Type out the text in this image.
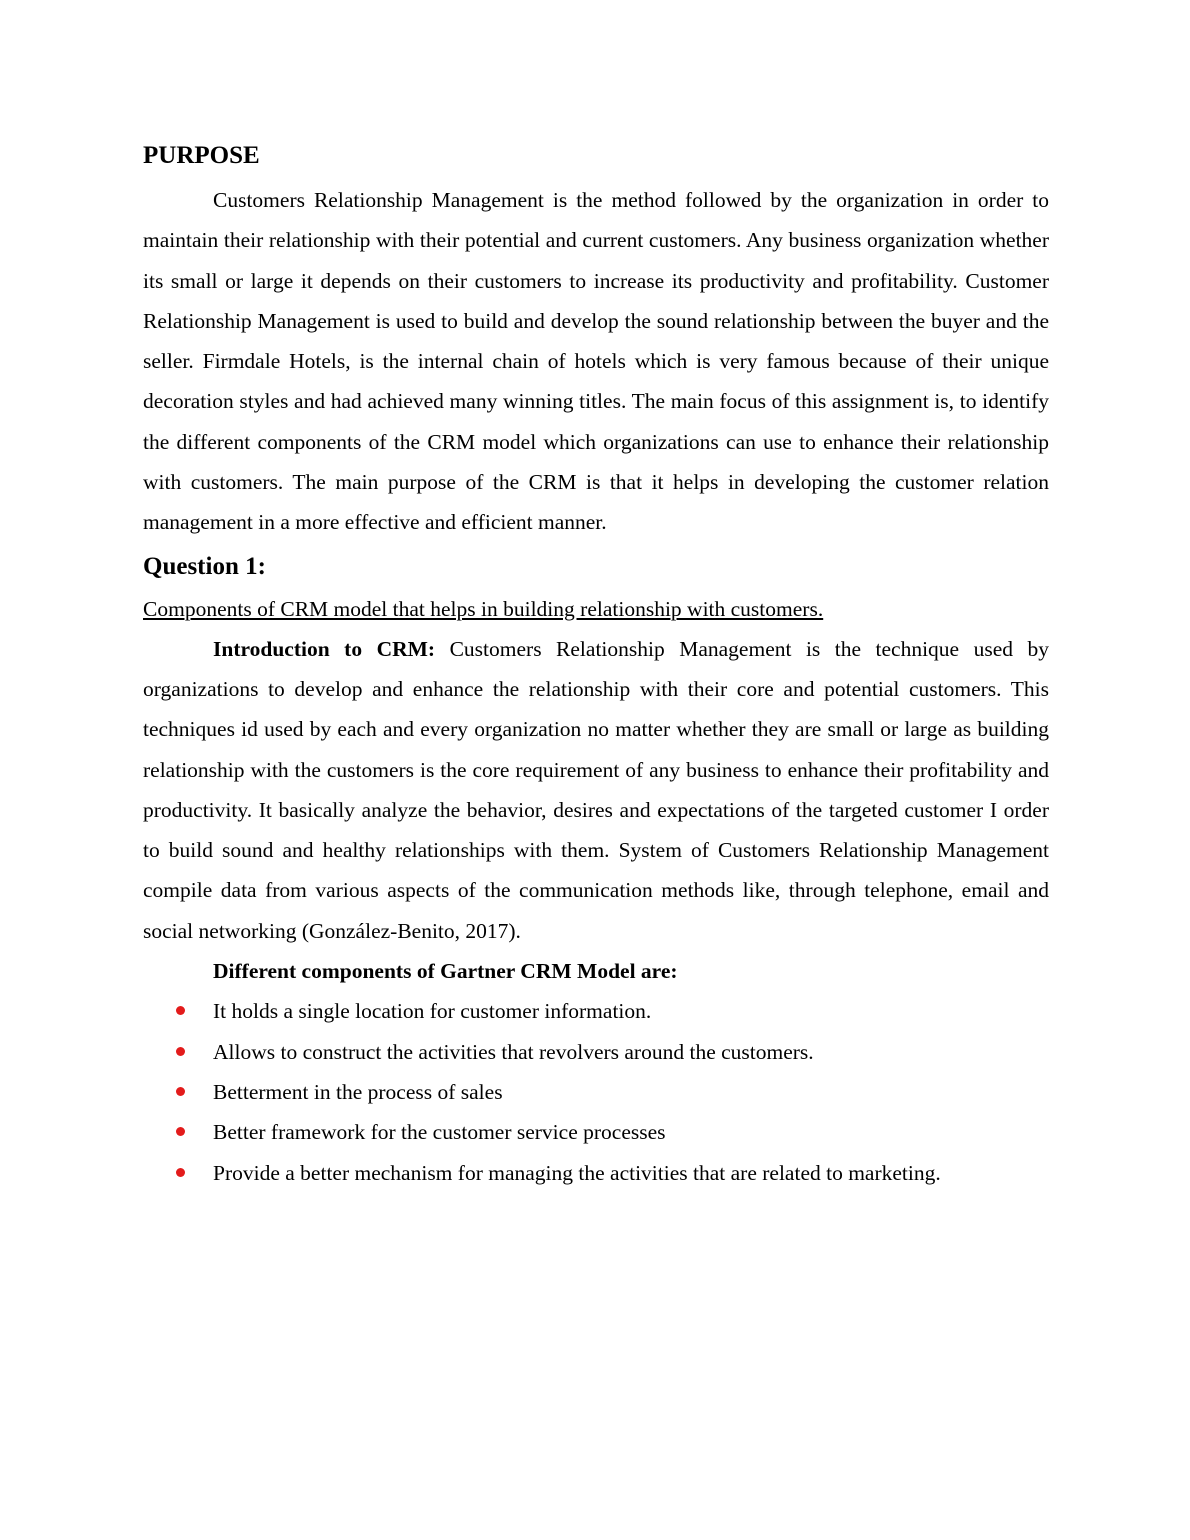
PURPOSE

Customers Relationship Management is the method followed by the organization in order to maintain their relationship with their potential and current customers. Any business organization whether its small or large it depends on their customers to increase its productivity and profitability. Customer Relationship Management is used to build and develop the sound relationship between the buyer and the seller. Firmdale Hotels, is the internal chain of hotels which is very famous because of their unique decoration styles and had achieved many winning titles. The main focus of this assignment is, to identify the different components of the CRM model which organizations can use to enhance their relationship with customers. The main purpose of the CRM is that it helps in developing the customer relation management in a more effective and efficient manner.

Question 1:

Components of CRM model that helps in building relationship with customers.

Introduction to CRM: Customers Relationship Management is the technique used by organizations to develop and enhance the relationship with their core and potential customers. This techniques id used by each and every organization no matter whether they are small or large as building relationship with the customers is the core requirement of any business to enhance their profitability and productivity. It basically analyze the behavior, desires and expectations of the targeted customer I order to build sound and healthy relationships with them. System of Customers Relationship Management compile data from various aspects of the communication methods like, through telephone, email and social networking (González-Benito, 2017).

Different components of Gartner CRM Model are:

It holds a single location for customer information.
Allows to construct the activities that revolvers around the customers.
Betterment in the process of sales
Better framework for the customer service processes
Provide a better mechanism for managing the activities that are related to marketing.
